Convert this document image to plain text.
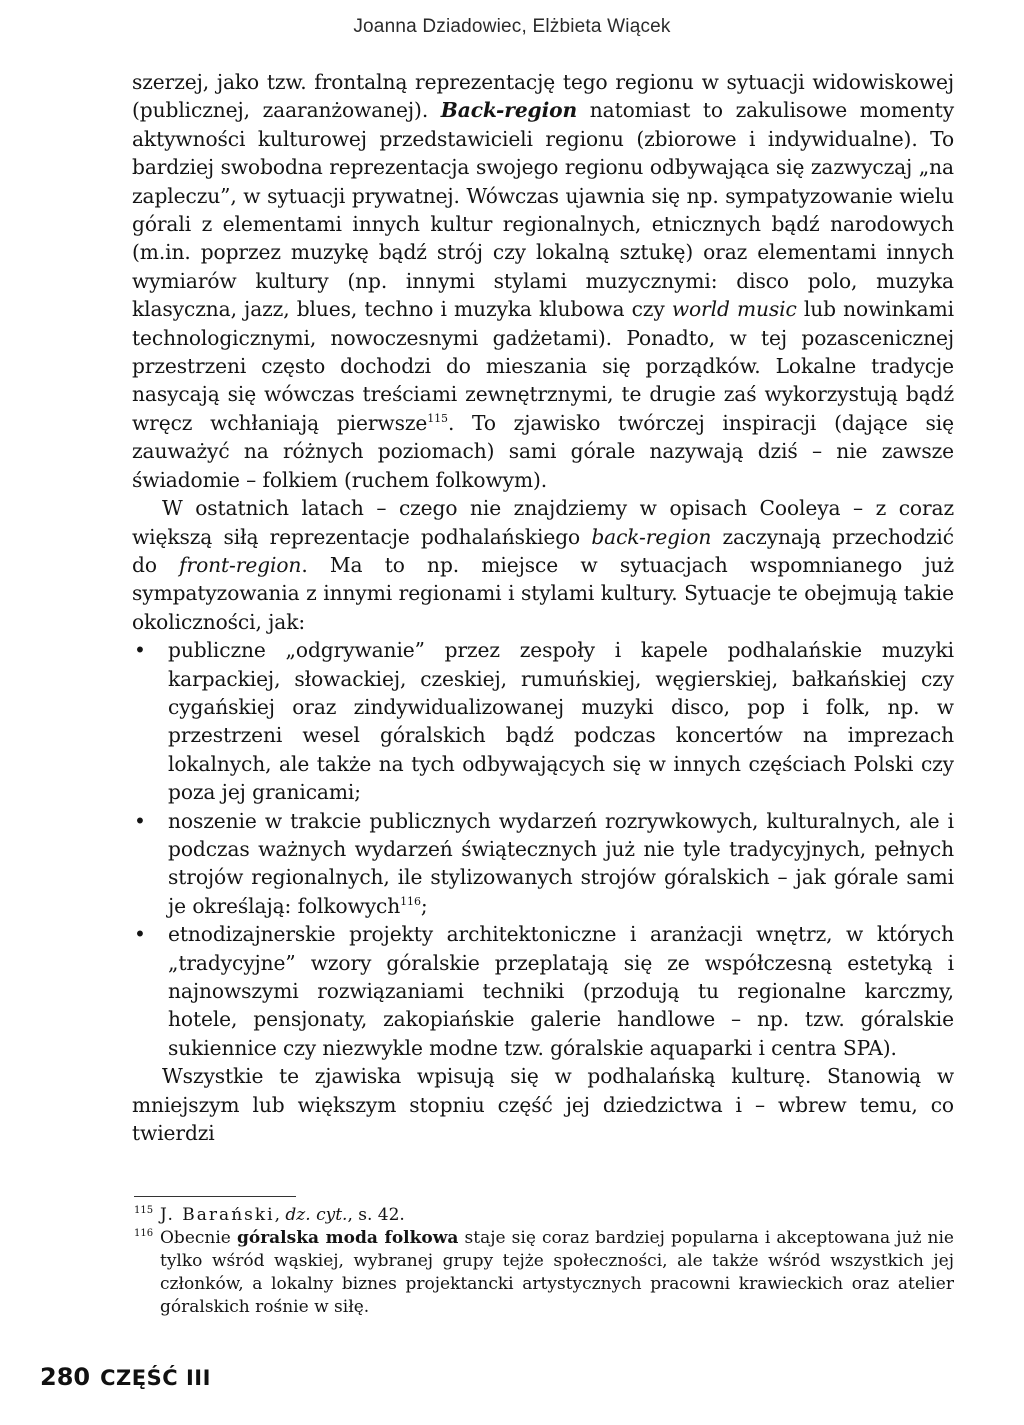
Joanna Dziadowiec, Elżbieta Wiącek

szerzej, jako tzw. frontalną reprezentację tego regionu w sytuacji widowiskowej (publicznej, zaaranżowanej). Back-region natomiast to zakulisowe momenty aktywności kulturowej przedstawicieli regionu (zbiorowe i indywidualne). To bardziej swobodna reprezentacja swojego regionu odbywająca się zazwyczaj „na zapleczu”, w sytuacji prywatnej. Wówczas ujawnia się np. sympatyzowanie wielu górali z elementami innych kultur regionalnych, etnicznych bądź narodowych (m.in. poprzez muzykę bądź strój czy lokalną sztukę) oraz elementami innych wymiarów kultury (np. innymi stylami muzycznymi: disco polo, muzyka klasyczna, jazz, blues, techno i muzyka klubowa czy world music lub nowinkami technologicznymi, nowoczesnymi gadżetami). Ponadto, w tej pozascenicznej przestrzeni często dochodzi do mieszania się porządków. Lokalne tradycje nasycają się wówczas treściami zewnętrznymi, te drugie zaś wykorzystują bądź wręcz wchłaniają pierwsze$^{115}$. To zjawisko twórczej inspiracji (dające się zauważyć na różnych poziomach) sami górale nazywają dziś – nie zawsze świadomie – folkiem (ruchem folkowym).

W ostatnich latach – czego nie znajdziemy w opisach Cooleya – z coraz większą siłą reprezentacje podhalańskiego back-region zaczynają przechodzić do front-region. Ma to np. miejsce w sytuacjach wspomnianego już sympatyzowania z innymi regionami i stylami kultury. Sytuacje te obejmują takie okoliczności, jak:

• publiczne „odgrywanie” przez zespoły i kapele podhalańskie muzyki karpackiej, słowackiej, czeskiej, rumuńskiej, węgierskiej, bałkańskiej czy cygańskiej oraz zindywidualizowanej muzyki disco, pop i folk, np. w przestrzeni wesel góralskich bądź podczas koncertów na imprezach lokalnych, ale także na tych odbywających się w innych częściach Polski czy poza jej granicami;
• noszenie w trakcie publicznych wydarzeń rozrywkowych, kulturalnych, ale i podczas ważnych wydarzeń świątecznych już nie tyle tradycyjnych, pełnych strojów regionalnych, ile stylizowanych strojów góralskich – jak górale sami je określają: folkowych$^{116}$;
• etnodizajnerskie projekty architektoniczne i aranżacji wnętrz, w których „tradycyjne” wzory góralskie przeplatają się ze współczesną estetyką i najnowszymi rozwiązaniami techniki (przodują tu regionalne karczmy, hotele, pensjonaty, zakopiańskie galerie handlowe – np. tzw. góralskie sukiennice czy niezwykle modne tzw. góralskie aquaparki i centra SPA).

Wszystkie te zjawiska wpisują się w podhalańską kulturę. Stanowią w mniejszym lub większym stopniu część jej dziedzictwa i – wbrew temu, co twierdzi

115 J. Barański, dz. cyt., s. 42.
116 Obecnie góralska moda folkowa staje się coraz bardziej popularna i akceptowana już nie tylko wśród wąskiej, wybranej grupy tejże społeczności, ale także wśród wszystkich jej członków, a lokalny biznes projektancki artystycznych pracowni krawieckich oraz atelier góralskich rośnie w siłę.
280 CZĘŚĆ III
